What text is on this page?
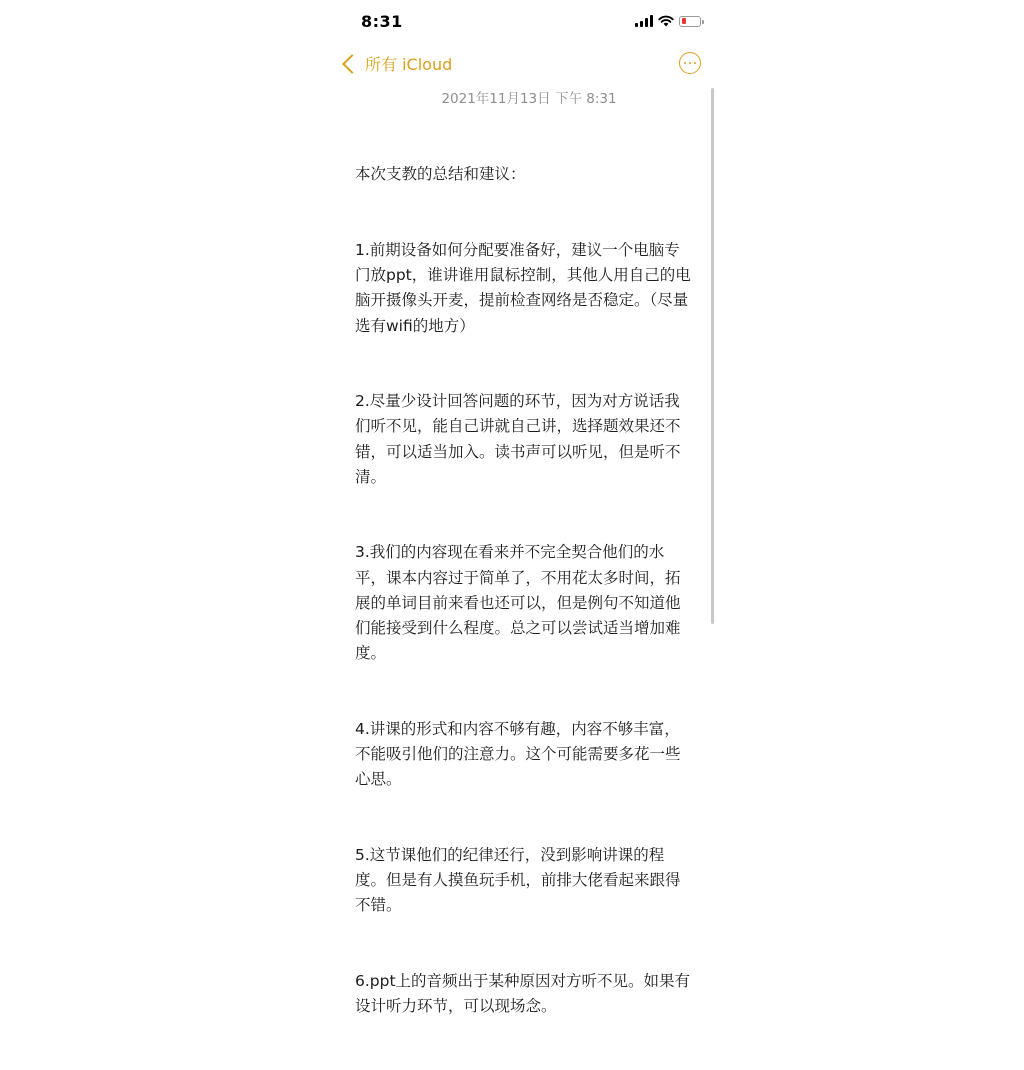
8:31
所有 iCloud
2021年11月13日 下午 8:31

本次支教的总结和建议：

1.前期设备如何分配要准备好，建议一个电脑专门放ppt，谁讲谁用鼠标控制，其他人用自己的电脑开摄像头开麦，提前检查网络是否稳定。（尽量选有wifi的地方）

2.尽量少设计回答问题的环节，因为对方说话我们听不见，能自己讲就自己讲，选择题效果还不错，可以适当加入。读书声可以听见，但是听不清。

3.我们的内容现在看来并不完全契合他们的水平，课本内容过于简单了，不用花太多时间，拓展的单词目前来看也还可以，但是例句不知道他们能接受到什么程度。总之可以尝试适当增加难度。

4.讲课的形式和内容不够有趣，内容不够丰富，不能吸引他们的注意力。这个可能需要多花一些心思。

5.这节课他们的纪律还行，没到影响讲课的程度。但是有人摸鱼玩手机，前排大佬看起来跟得不错。

6.ppt上的音频出于某种原因对方听不见。如果有设计听力环节，可以现场念。
